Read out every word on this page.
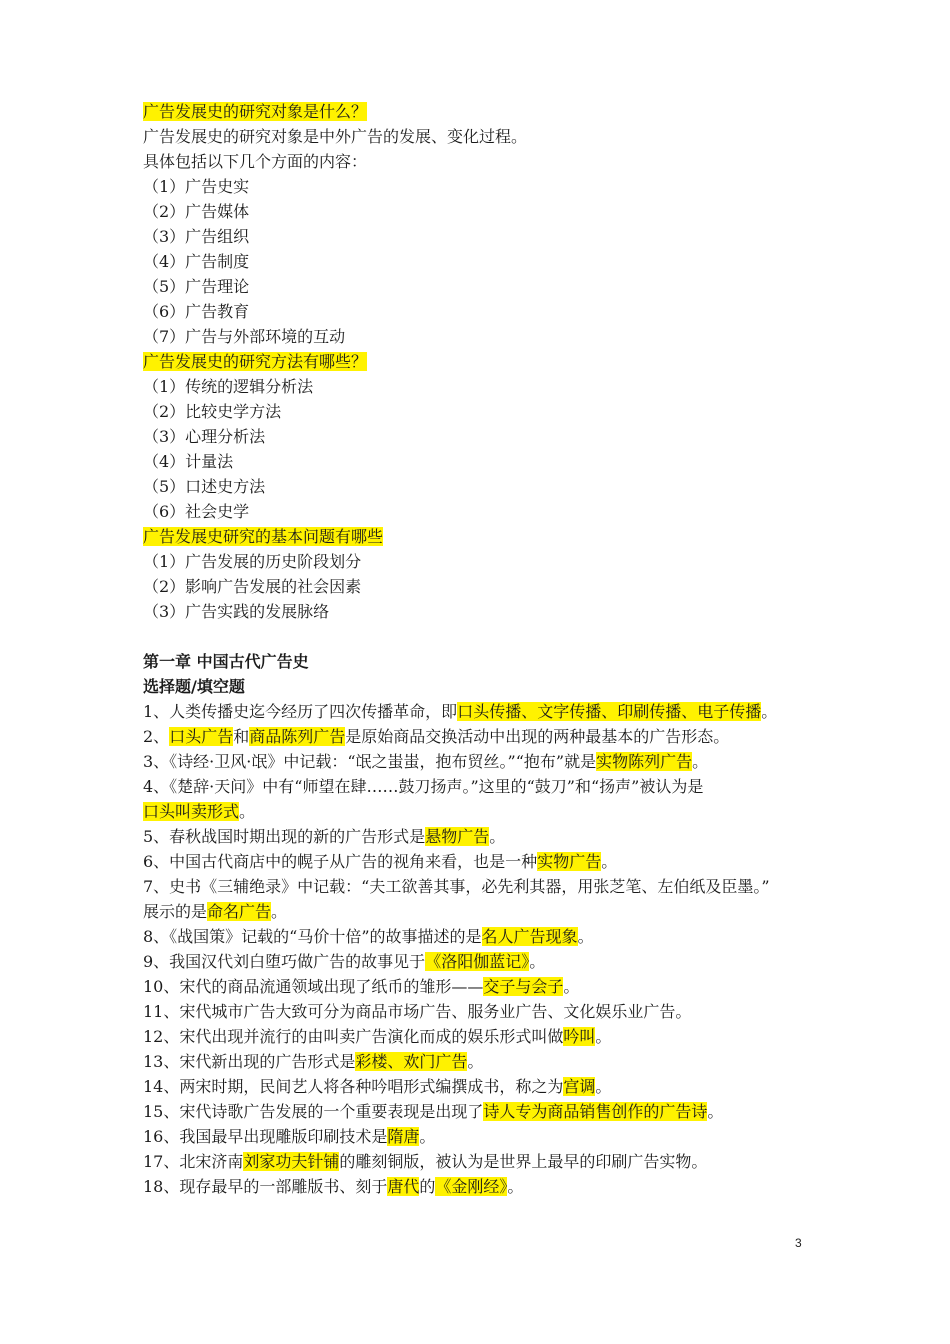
广告发展史的研究对象是什么？
广告发展史的研究对象是中外广告的发展、变化过程。
具体包括以下几个方面的内容：
（1）广告史实
（2）广告媒体
（3）广告组织
（4）广告制度
（5）广告理论
（6）广告教育
（7）广告与外部环境的互动
广告发展史的研究方法有哪些？
（1）传统的逻辑分析法
（2）比较史学方法
（3）心理分析法
（4）计量法
（5）口述史方法
（6）社会史学
广告发展史研究的基本问题有哪些
（1）广告发展的历史阶段划分
（2）影响广告发展的社会因素
（3）广告实践的发展脉络
第一章 中国古代广告史
选择题/填空题
1、人类传播史迄今经历了四次传播革命，即口头传播、文字传播、印刷传播、电子传播。
2、口头广告和商品陈列广告是原始商品交换活动中出现的两种最基本的广告形态。
3、《诗经·卫风·氓》中记载：“氓之蚩蚩，抱布贸丝。”“抱布”就是实物陈列广告。
4、《楚辞·天问》中有“师望在肆……鼓刀扬声。”这里的“鼓刀”和“扬声”被认为是
口头叫卖形式。
5、春秋战国时期出现的新的广告形式是悬物广告。
6、中国古代商店中的幌子从广告的视角来看，也是一种实物广告。
7、史书《三辅绝录》中记载：“夫工欲善其事，必先利其器，用张芝笔、左伯纸及臣墨。”
展示的是命名广告。
8、《战国策》记载的“马价十倍”的故事描述的是名人广告现象。
9、我国汉代刘白堕巧做广告的故事见于《洛阳伽蓝记》。
10、宋代的商品流通领域出现了纸币的雏形——交子与会子。
11、宋代城市广告大致可分为商品市场广告、服务业广告、文化娱乐业广告。
12、宋代出现并流行的由叫卖广告演化而成的娱乐形式叫做吟叫。
13、宋代新出现的广告形式是彩楼、欢门广告。
14、两宋时期，民间艺人将各种吟唱形式编撰成书，称之为宫调。
15、宋代诗歌广告发展的一个重要表现是出现了诗人专为商品销售创作的广告诗。
16、我国最早出现雕版印刷技术是隋唐。
17、北宋济南刘家功夫针铺的雕刻铜版，被认为是世界上最早的印刷广告实物。
18、现存最早的一部雕版书、刻于唐代的《金刚经》。
3
